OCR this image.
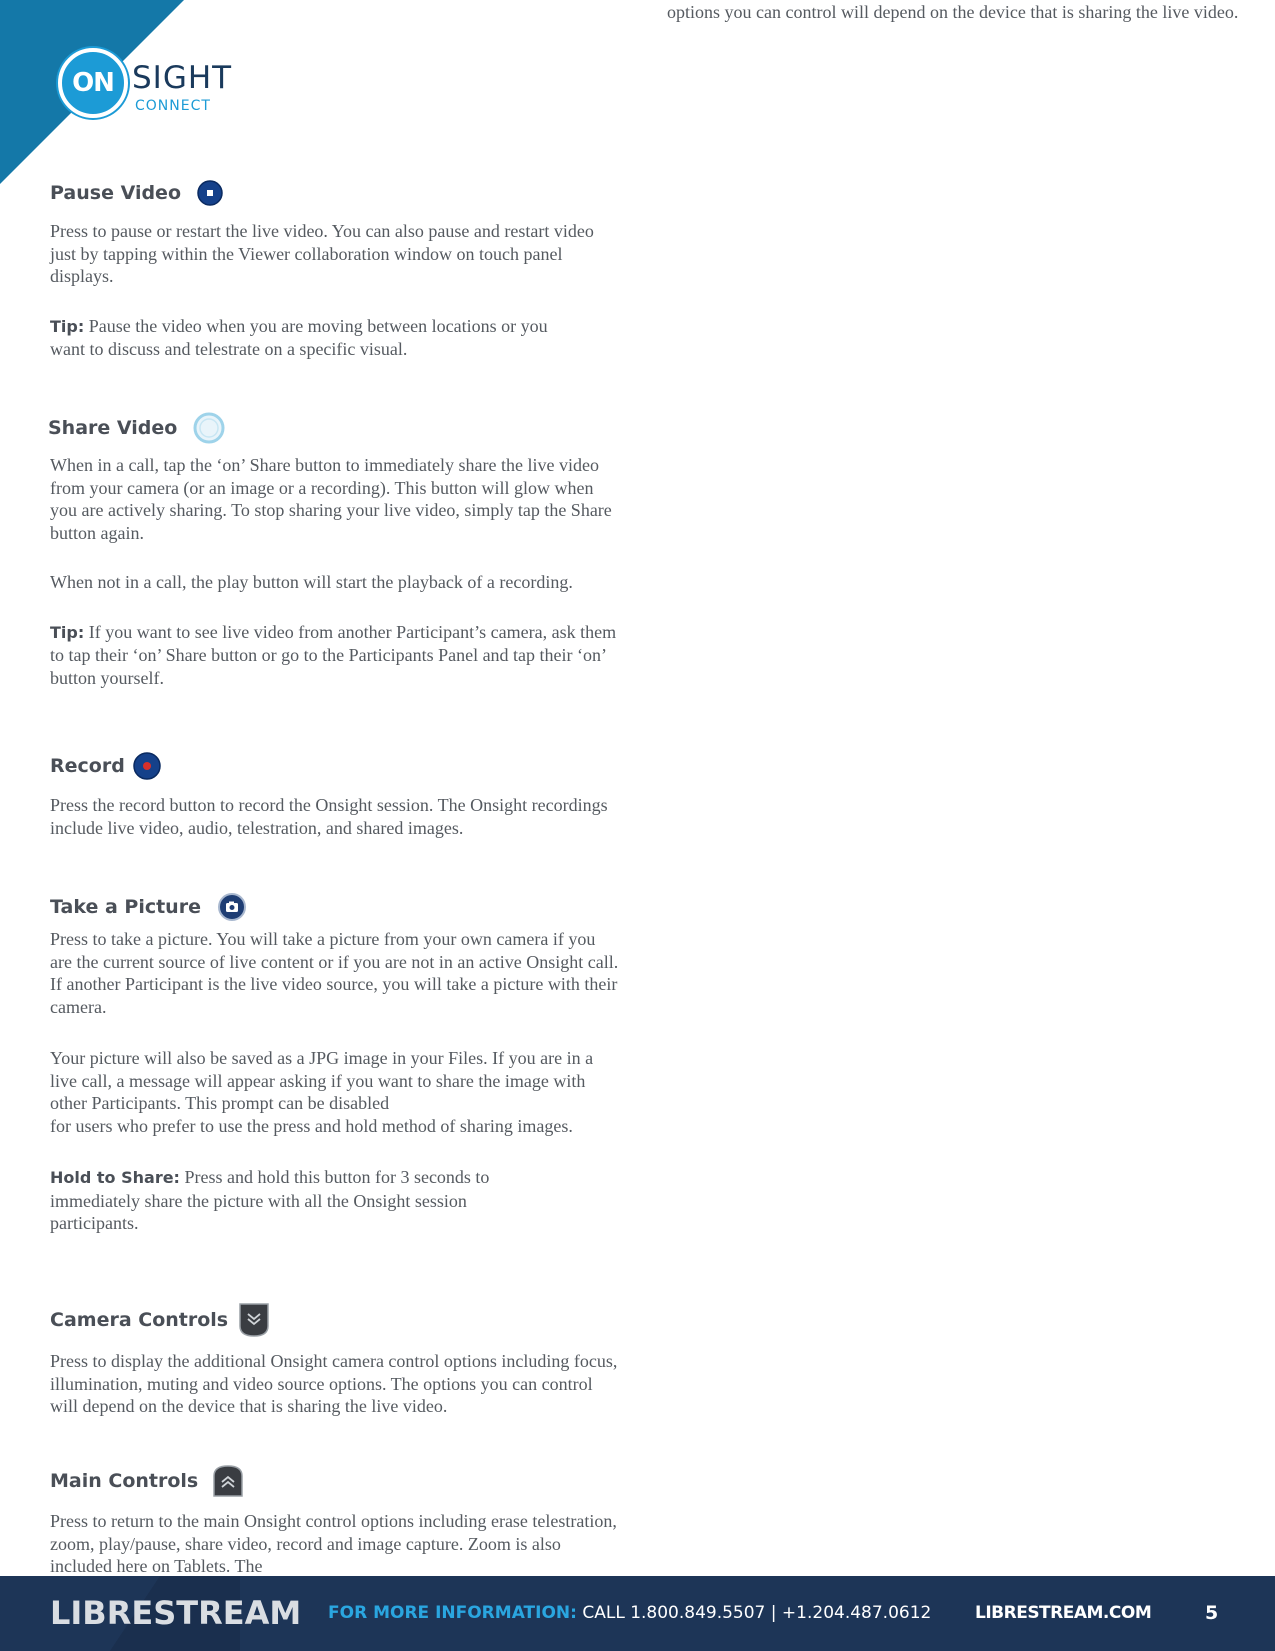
ON SIGHT
CONNECT

options you can control will depend on the device that is sharing the live video.

Pause Video

Press to pause or restart the live video. You can also pause and restart video just by tapping within the Viewer collaboration window on touch panel displays.

Tip: Pause the video when you are moving between locations or you
want to discuss and telestrate on a specific visual.

Share Video

When in a call, tap the ‘on’ Share button to immediately share the live video from your camera (or an image or a recording). This button will glow when you are actively sharing. To stop sharing your live video, simply tap the Share button again.

When not in a call, the play button will start the playback of a recording.

Tip: If you want to see live video from another Participant’s camera, ask them to tap their ‘on’ Share button or go to the Participants Panel and tap their ‘on’ button yourself.

Record

Press the record button to record the Onsight session. The Onsight recordings include live video, audio, telestration, and shared images.

Take a Picture

Press to take a picture. You will take a picture from your own camera if you are the current source of live content or if you are not in an active Onsight call. If another Participant is the live video source, you will take a picture with their camera.

Your picture will also be saved as a JPG image in your Files. If you are in a live call, a message will appear asking if you want to share the image with other Participants. This prompt can be disabled
for users who prefer to use the press and hold method of sharing images.

Hold to Share: Press and hold this button for 3 seconds to immediately share the picture with all the Onsight session participants.

Camera Controls

Press to display the additional Onsight camera control options including focus, illumination, muting and video source options. The options you can control will depend on the device that is sharing the live video.

Main Controls

Press to return to the main Onsight control options including erase telestration, zoom, play/pause, share video, record and image capture. Zoom is also included here on Tablets. The

LIBRESTREAM FOR MORE INFORMATION: CALL 1.800.849.5507 | +1.204.487.0612	LIBRESTREAM.COM	5
